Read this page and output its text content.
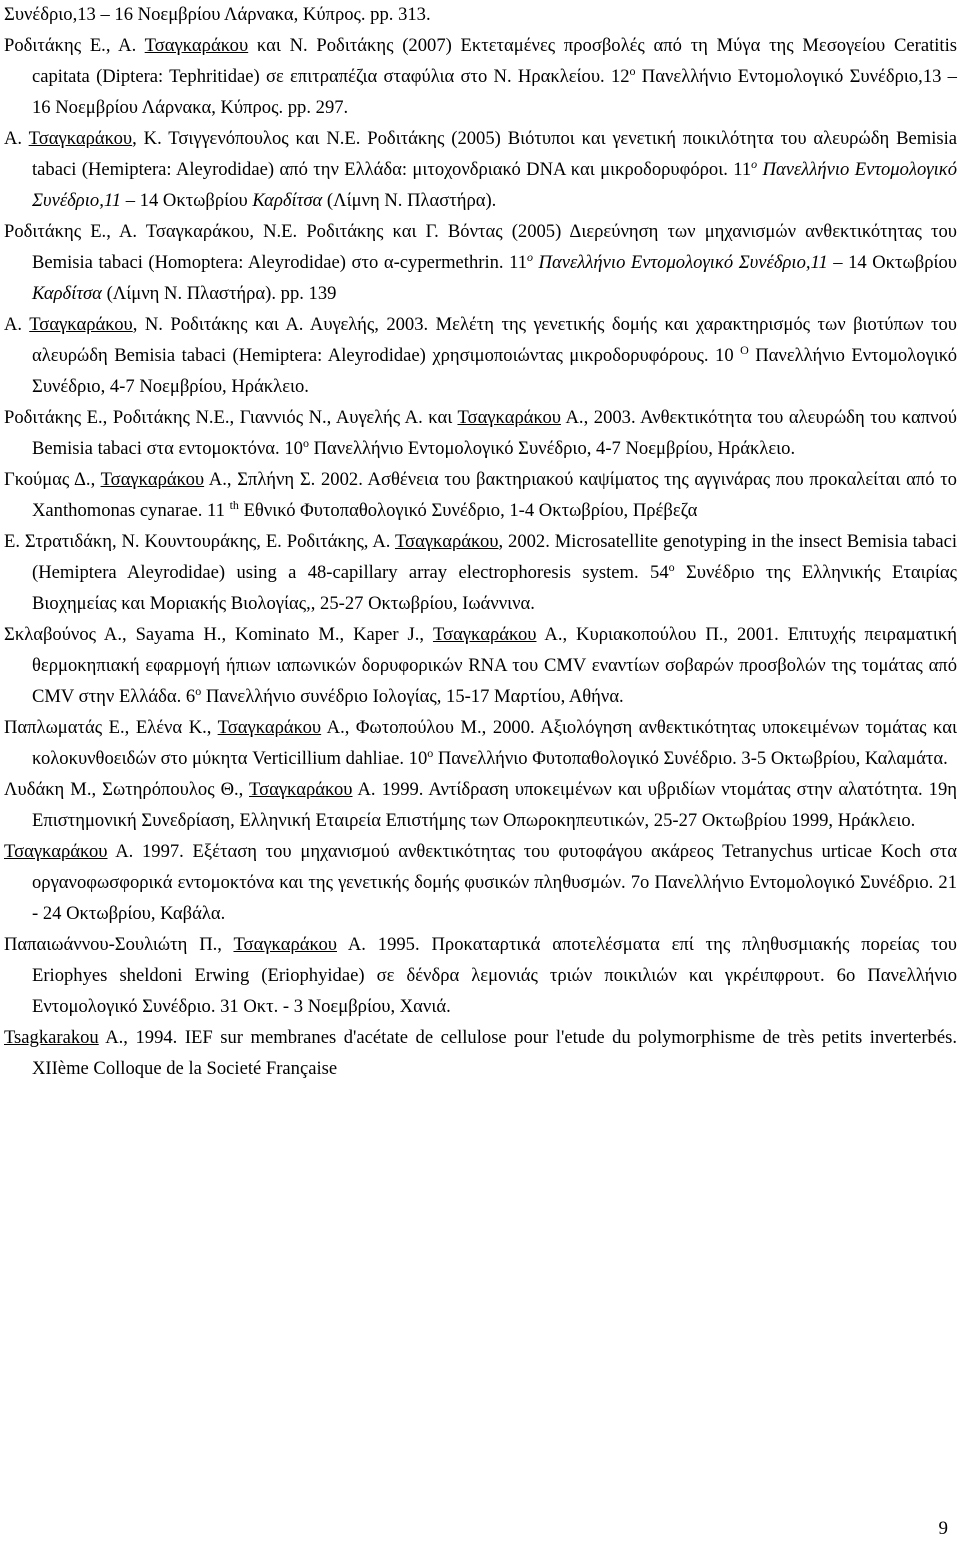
Συνέδριο,13 – 16 Νοεμβρίου Λάρνακα, Κύπρος. pp. 313.

Ροδιτάκης Ε., Α. Τσαγκαράκου και Ν. Ροδιτάκης (2007) Εκτεταμένες προσβολές από τη Μύγα της Μεσογείου Ceratitis capitata (Diptera: Tephritidae) σε επιτραπέζια σταφύλια στο Ν. Ηρακλείου. $12^o$ Πανελλήνιο Εντομολογικό Συνέδριο,13 – 16 Νοεμβρίου Λάρνακα, Κύπρος. pp. 297.

Α. Τσαγκαράκου, Κ. Τσιγγενόπουλος και Ν.Ε. Ροδιτάκης (2005) Βιότυποι και γενετική ποικιλότητα του αλευρώδη Bemisia tabaci (Hemiptera: Aleyrodidae) από την Ελλάδα: μιτοχονδριακό DNA και μικροδορυφόροι. $11^o$ Πανελλήνιο Εντομολογικό Συνέδριο,11 – 14 Οκτωβρίου Καρδίτσα (Λίμνη Ν. Πλαστήρα).

Ροδιτάκης Ε., Α. Τσαγκαράκου, Ν.Ε. Ροδιτάκης και Γ. Βόντας (2005) Διερεύνηση των μηχανισμών ανθεκτικότητας του Bemisia tabaci (Homoptera: Aleyrodidae) στο α-cypermethrin. $11^o$ Πανελλήνιο Εντομολογικό Συνέδριο,11 – 14 Οκτωβρίου Καρδίτσα (Λίμνη Ν. Πλαστήρα). pp. 139

Α. Τσαγκαράκου, Ν. Ροδιτάκης και Α. Αυγελής, 2003. Μελέτη της γενετικής δομής και χαρακτηρισμός των βιοτύπων του αλευρώδη Bemisia tabaci (Hemiptera: Aleyrodidae) χρησιμοποιώντας μικροδορυφόρους. 10 $^O$ Πανελλήνιο Εντομολογικό Συνέδριο, 4-7 Νοεμβρίου, Ηράκλειο.

Ροδιτάκης Ε., Ροδιτάκης Ν.Ε., Γιαννιός Ν., Αυγελής Α. και Τσαγκαράκου Α., 2003. Ανθεκτικότητα του αλευρώδη του καπνού Bemisia tabaci στα εντομοκτόνα. $10^o$ Πανελλήνιο Εντομολογικό Συνέδριο, 4-7 Νοεμβρίου, Ηράκλειο.

Γκούμας Δ., Τσαγκαράκου Α., Σπλήνη Σ. 2002. Ασθένεια του βακτηριακού καψίματος της αγγινάρας που προκαλείται από το Xanthomonas cynarae. 11 $^{th}$ Εθνικό Φυτοπαθολογικό Συνέδριο, 1-4 Οκτωβρίου, Πρέβεζα

Ε. Στρατιδάκη, Ν. Κουντουράκης, Ε. Ροδιτάκης, Α. Τσαγκαράκου, 2002. Microsatellite genotyping in the insect Bemisia tabaci (Hemiptera Aleyrodidae) using a 48-capillary array electrophoresis system. $54^o$ Συνέδριο της Ελληνικής Εταιρίας Βιοχημείας και Μοριακής Βιολογίας,, 25-27 Οκτωβρίου, Ιωάννινα.

Σκλαβούνος Α., Sayama H., Kominato M., Kaper J., Τσαγκαράκου Α., Κυριακοπούλου Π., 2001. Επιτυχής πειραματική θερμοκηπιακή εφαρμογή ήπιων ιαπωνικών δορυφορικών RNA του CMV εναντίων σοβαρών προσβολών της τομάτας από CMV στην Ελλάδα. $6^o$ Πανελλήνιο συνέδριο Ιολογίας, 15-17 Μαρτίου, Αθήνα.

Παπλωματάς Ε., Ελένα Κ., Τσαγκαράκου Α., Φωτοπούλου Μ., 2000. Αξιολόγηση ανθεκτικότητας υποκειμένων τομάτας και κολοκυνθοειδών στο μύκητα Verticillium dahliae. $10^o$ Πανελλήνιο Φυτοπαθολογικό Συνέδριο. 3-5 Οκτωβρίου, Καλαμάτα.

Λυδάκη Μ., Σωτηρόπουλος Θ., Τσαγκαράκου Α. 1999. Αντίδραση υποκειμένων και υβριδίων ντομάτας στην αλατότητα. 19η Επιστημονική Συνεδρίαση, Ελληνική Εταιρεία Επιστήμης των Οπωροκηπευτικών, 25-27 Οκτωβρίου 1999, Ηράκλειο.

Τσαγκαράκου Α. 1997. Εξέταση του μηχανισμού ανθεκτικότητας του φυτοφάγου ακάρεος Tetranychus urticae Koch στα οργανοφωσφορικά εντομοκτόνα και της γενετικής δομής φυσικών πληθυσμών. 7ο Πανελλήνιο Εντομολογικό Συνέδριο. 21 - 24 Οκτωβρίου, Καβάλα.

Παπαιωάννου-Σουλιώτη Π., Τσαγκαράκου Α. 1995. Προκαταρτικά αποτελέσματα επί της πληθυσμιακής πορείας του Eriophyes sheldoni Erwing (Eriophyidae) σε δένδρα λεμονιάς τριών ποικιλιών και γκρέιπφρουτ. 6ο Πανελλήνιο Εντομολογικό Συνέδριο. 31 Οκτ. - 3 Νοεμβρίου, Χανιά.

Tsagkarakou A., 1994. IEF sur membranes d'acétate de cellulose pour l'etude du polymorphisme de très petits inverterbés. XIIème Colloque de la Societé Française

9
